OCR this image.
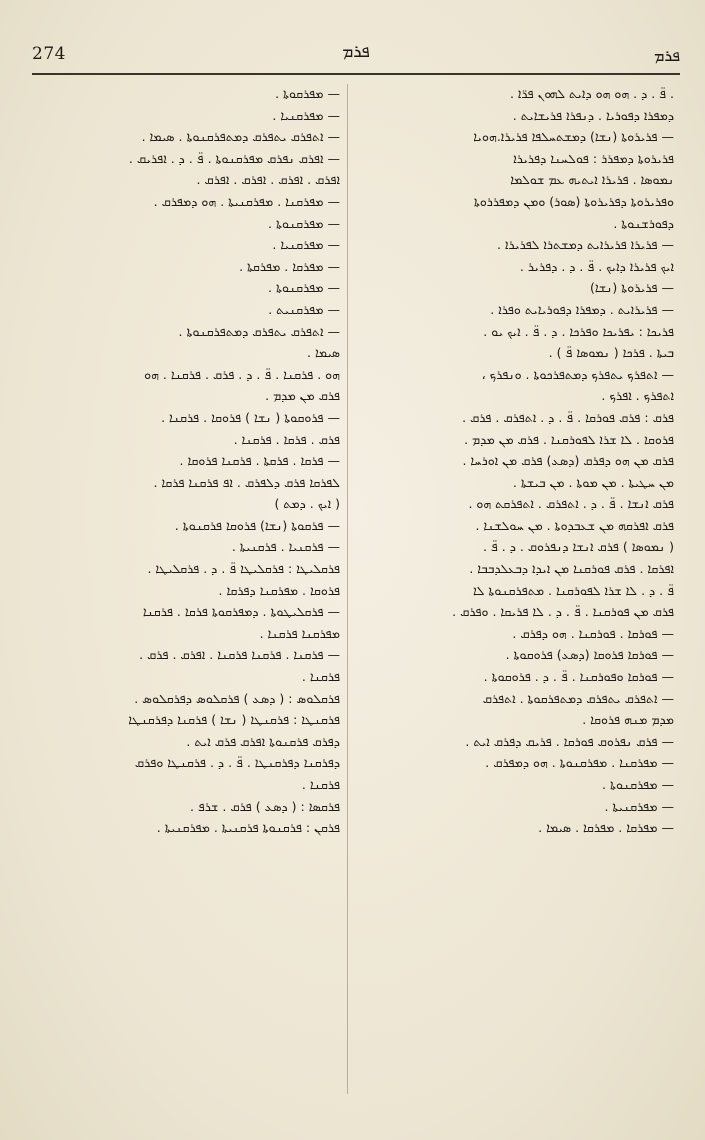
274	ܦܪܡ	ܦܪܡ
. ܦ̈ . ܕ . ܗܘ ܗܘ ܕܐܝܬ ܠܗܘܢ ܦܪ̈ܐ .
ܕܡܦܪܐ ܕܦܘܪܝܐ . ܕܢܦܪܐ ܦܪܝܫܐܝܬ .
— ܦܪܝܪܘܬܐ (ܢܫܐ) ܕܡܫܬܚܠܦܐ ܦܪܝܪܐ.ܗܘܝܐ
ܦܪܝܪܘܬܐ ܕܡܦܪܪ : ܦܘܠܚܢܐ ܕܦܪܝܪܐ
ܢܡܘܣܐ . ܦܪܝܪܐ ܐܝܬܝܗ ܥܡ ܫܘܠܡܐ
ܘܦܪܝܪܘܬܐ ܕܦܪܝܪܘܬܐ (ܣܘܪ) ܘܡܢ ܕܡܦܪܪܘܬܐ
ܕܦܘܪܫܢܘܬܐ .
— ܦܪܝܪܐ ܦܪܝܪܐܝܬ ܕܡܫܬܪܐ ܠܦܪܝܪܐ .
ܐܝܟ ܦܪܝܪܐ ܕܐܝܟ . ܦ̈ . ܕ . ܕܦܪܝܪ .
— ܦܪܝܪܘܬܐ (ܢܫܐ)
— ܦܪܝܪܐܝܬ . ܕܡܦܪܐ ܕܦܘܪܝܐܝܬ ܘܦܪܐ .
ܦܪܝܟܐ : ܝܦܪܝܟܐ ܘܦܪܟܐ . ܕ . ܦ̈ . ܐܝܟ ܝܘ .
ܒܝܬܐ . ܦܪܟܐ ( ܢܡܘܣܐ ܦ̈ ) .
— ܐܬܦܪܟ ܝܬܦܪܟ ܕܡܬܦܪܟܘܬܐ . ܘܢܦܪܟ ،
ܐܬܦܪܟ . ܐܦܪܟ .
ܦܪܩ : ܦܪܩ ܦܘܪܩܐ . ܦ̈ . ܕ . ܐܬܦܪܩ . ܦܪܩ .
ܦܪܘܩܐ . ܠܐ ܫܪܐ ܠܦܘܪܩܢܐ . ܦܪܩ ܡܢ ܡܕܡ .
ܦܪܩ ܡܢ ܗܘ ܕܦܪܩ (ܕܣܥ) ܦܪܩ ܡܢ ܐܘܪܚܐ .
ܡܢ ܚܛܝܬܐ . ܡܢ ܡܘܬܐ . ܡܢ ܒܝܫܬܐ .
ܦܪܩ ܐܢܫܐ . ܦ̈ . ܕ . ܐܬܦܪܩ . ܐܬܦܪܩܬ ܗܘ .
ܦܪܩ ܐܦܪܩܗ ܡܢ ܫܥܒܕܘܬܐ . ܡܢ ܚܘܠܫܢܐ .
( ܢܡܘܣܐ ) ܦܪܩ ܐܢܫܐ ܕܢܦܪܘܩ . ܕ . ܦ̈ .
ܐܦܪܩܐ . ܦܪܩ ܦܘܪܩܢܐ ܡܢ ܐܝܕܐ ܕܒܥܠܕܒܒܐ .
ܦ̈ . ܕ . ܠܐ ܫܪܐ ܠܦܘܪܩܢܐ . ܡܬܦܪܩܢܘܬܐ ܠܐ
ܦܪܩ ܡܢ ܦܘܪܩܢܐ . ܦ̈ . ܕ . ܠܐ ܦܪܝܩܐ . ܘܦܪܩ .
— ܦܘܪܩܐ . ܦܘܪܩܢܐ . ܗܘ ܕܦܪܩ .
— ܦܘܪܩܐ ܦܪܘܩܐ (ܕܣܥ) ܦܪܘܩܘܬܐ .
— ܦܘܪܩܐ ܘܦܘܪܩܢܐ . ܦ̈ . ܕ . ܦܪܘܩܘܬܐ .
— ܐܬܦܪܩ ܝܬܦܪܩ ܕܡܬܦܪܩܘܬܐ . ܐܬܦܪܩ
ܡܕܡ ܡܢܗ ܦܪܘܩܐ .
— ܦܪܩ ܢܦܪܘܩ ܦܘܪܩܐ . ܦܪܝܩ ܕܦܪܩ ܐܝܬ .
— ܡܦܪܩܢܐ . ܡܦܪܩܢܘܬܐ . ܗܘ ܕܡܦܪܩ .
— ܡܦܪܩܢܘܬܐ .
— ܡܦܪܩܢܝܬܐ .
— ܡܦܪܩܐ . ܡܦܪܩܐ . ܣܝܡܐ .
— ܡܦܪܩܘܬܐ .
— ܡܦܪܩܢܝܐ .
— ܐܬܦܪܩ ܝܬܦܪܩ ܕܡܬܦܪܩܢܘܬܐ . ܣܝܡܐ .
— ܐܦܪܩ ܢܦܪܩ ܡܦܪܩܢܘܬܐ . ܦ̈ . ܕ . ܐܦܪܝܩ .
ܐܦܪܩ . ܐܦܪܩ . ܐܦܪܩ . ܐܦܪܩ .
— ܡܦܪܩܢܐ . ܡܦܪܩܢܝܬܐ . ܗܘ ܕܡܦܪܩ .
— ܡܦܪܩܢܘܬܐ .
— ܡܦܪܩܢܝܐ .
— ܡܦܪܩܐ . ܡܦܪܩܬܐ .
— ܡܦܪܩܢܘܬܐ .
— ܡܦܪܩܢܝܬ .
— ܐܬܦܪܩ ܝܬܦܪܩ ܕܡܬܦܪܩܢܘܬܐ .
ܣܝܡܐ .
ܗܘ . ܦܪܩܢܐ . ܦ̈ . ܕ . ܦܪܩ . ܦܪܩܢܐ . ܗܘ
ܦܪܩ ܡܢ ܡܕܡ .
— ܦܪܘܩܘܬܐ ( ܢܫܐ ) ܦܪܘܩܐ . ܦܪܩܢܐ .
ܦܪܩ . ܦܪܩܐ . ܦܪܩܢܐ .
— ܦܪܩܐ . ܦܪܩܬܐ . ܦܪܩܢܐ ܦܪܘܩܐ .
ܠܦܪܩܐ ܦܪܩ ܕܠܦܪܩ . ܐܦ ܦܪܩܢܐ ܦܪܩܐ .
( ܐܝܟ . ܕܡܬ )
— ܦܪܩܘܬܐ (ܢܫܐ) ܦܪܘܩܐ ܦܪܩܢܘܬܐ .
— ܦܪܩܢܝܐ . ܦܪܩܢܝܬܐ .
ܦܪܩܠܝܛܐ : ܦܪܩܠܝܛܐ ܦ̈ . ܕ . ܦܪܩܠܝܛܐ .
ܦܪܘܩܐ . ܡܦܪܩܢܐ ܕܦܪܩܐ .
— ܦܪܩܠܝܛܘܬܐ . ܕܡܦܪܩܘܬܐ ܦܪܩܐ . ܦܪܩܢܐ
ܡܦܪܩܢܐ ܦܪܩܢܐ .
— ܦܪܩܢܐ . ܦܪܩܢܐ ܦܪܩܢܐ . ܐܦܪܩ . ܦܪܩ .
ܦܪܩܢܐ .
ܦܪܩܠܘܣ : ( ܕܣܥ ) ܦܪܩܠܘܣ ܕܦܪܩܠܘܣ .
ܦܪܩܢܛܐ : ܦܪܩܢܛܐ ( ܢܫܐ ) ܦܪܩܢܐ ܕܦܪܩܢܛܐ
ܕܦܪܩ ܦܪܩܢܘܬܐ ܐܦܪܩ ܦܪܩ ܐܝܬ .
ܕܦܪܩܢܐ ܕܦܪܩܢܛܐ . ܦ̈ . ܕ . ܦܪܩܢܛܐ ܘܦܪܩ
ܦܪܩܢܐ .
ܦܪܩܣܐ : ( ܕܣܥ ) ܦܪܩ . ܫܪܦ .
ܦܪܩܢ : ܦܪܩܢܘܬܐ ܦܪܩܢܝܬܐ . ܡܦܪܩܢܝܬܐ .
